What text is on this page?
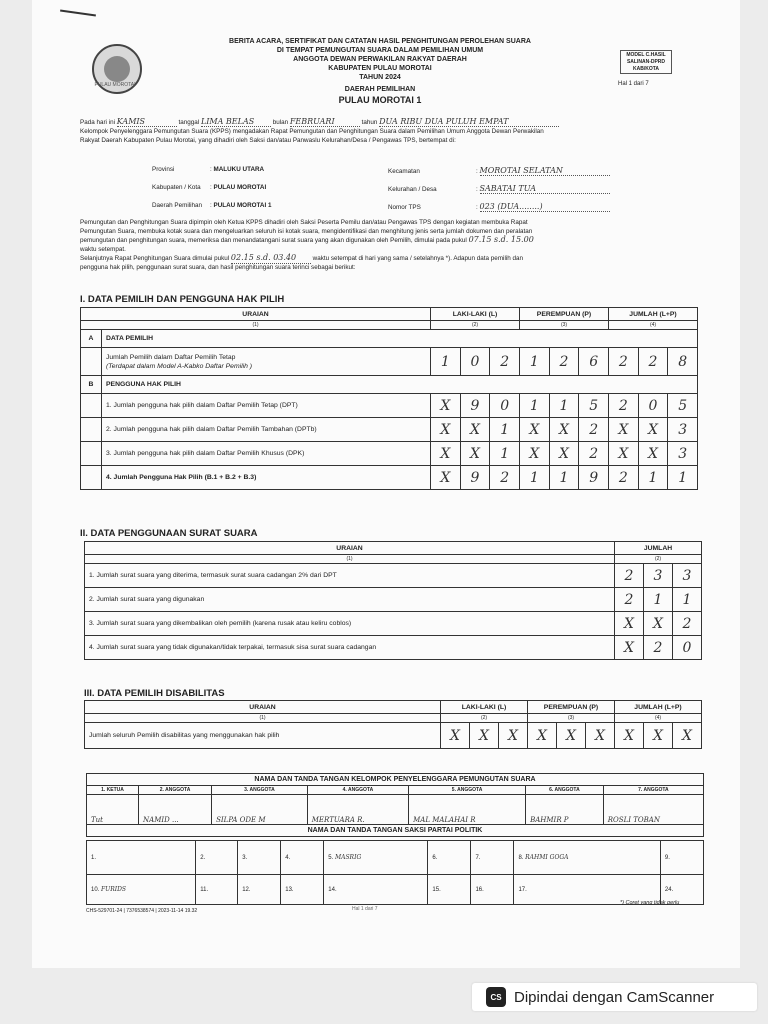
PULAU MOROTAI
BERITA ACARA, SERTIFIKAT DAN CATATAN HASIL PENGHITUNGAN PEROLEHAN SUARA
DI TEMPAT PEMUNGUTAN SUARA DALAM PEMILIHAN UMUM
ANGGOTA DEWAN PERWAKILAN RAKYAT DAERAH
KABUPATEN PULAU MOROTAI
TAHUN 2024
DAERAH PEMILIHAN
PULAU MOROTAI 1
MODEL C.HASIL
SALINAN-DPRD
KAB/KOTA
Hal 1 dari 7
Pada hari ini KAMIS	tanggal LIMA BELAS	bulan FEBRUARI	tahun DUA RIBU DUA PULUH EMPAT
Kelompok Penyelenggara Pemungutan Suara (KPPS) mengadakan Rapat Pemungutan dan Penghitungan Suara dalam Pemilihan Umum Anggota Dewan Perwakilan
Rakyat Daerah Kabupaten Pulau Morotai, yang dihadiri oleh Saksi dan/atau Panwaslu Kelurahan/Desa / Pengawas TPS, bertempat di:
Provinsi	: MALUKU UTARA
Kabupaten / Kota : PULAU MOROTAI
Daerah Pemilihan : PULAU MOROTAI 1
Kecamatan	: MOROTAI SELATAN
Kelurahan / Desa	: SABATAI TUA
Nomor TPS	: 023 (DUA........)
Pemungutan dan Penghitungan Suara dipimpin oleh Ketua KPPS dihadiri oleh Saksi Peserta Pemilu dan/atau Pengawas TPS dengan kegiatan membuka Rapat
Pemungutan Suara, membuka kotak suara dan mengeluarkan seluruh isi kotak suara, mengidentifikasi dan menghitung jenis serta jumlah dokumen dan peralatan
pemungutan dan penghitungan suara, memeriksa dan menandatangani surat suara yang akan digunakan oleh Pemilih, dimulai pada pukul 07.15 s.d. 15.00
waktu setempat.
Selanjutnya Rapat Penghitungan Suara dimulai pukul 02.15 s.d. 03.40	waktu setempat di hari yang sama / setelahnya *). Adapun data pemilih dan
pengguna hak pilih, penggunaan surat suara, dan hasil penghitungan suara terinci sebagai berikut:
I. DATA PEMILIH DAN PENGGUNA HAK PILIH
URAIAN		LAKI-LAKI (L)			PEREMPUAN (P)			JUMLAH (L+P)		
(1)		(2)			(3)			(4)		
A	DATA PEMILIH									

	Jumlah Pemilih dalam Daftar Pemilih Tetap
(Terdapat dalam Model A-Kabko Daftar Pemilih )	1	0	2	1	2	6	2	2	8
B	PENGGUNA HAK PILIH									
	1. Jumlah pengguna hak pilih dalam Daftar Pemilih Tetap (DPT)	X	9	0	1	1	5	2	0	5
	2. Jumlah pengguna hak pilih dalam Daftar Pemilih Tambahan (DPTb)	X	X	1	X	X	2	X	X	3
	3. Jumlah pengguna hak pilih dalam Daftar Pemilih Khusus (DPK)	X	X	1	X	X	2	X	X	3
	4. Jumlah Pengguna Hak Pilih (B.1 + B.2 + B.3)	X	9	2	1	1	9	2	1	1
II. DATA PENGGUNAAN SURAT SUARA
URAIAN	JUMLAH		
(1)	(2)		
1. Jumlah surat suara yang diterima, termasuk surat suara cadangan 2% dari DPT	2	3	3
2. Jumlah surat suara yang digunakan	2	1	1
3. Jumlah surat suara yang dikembalikan oleh pemilih (karena rusak atau keliru coblos)	X	X	2
4. Jumlah surat suara yang tidak digunakan/tidak terpakai, termasuk sisa surat suara cadangan	X	2	0
III. DATA PEMILIH DISABILITAS
URAIAN	LAKI-LAKI (L)			PEREMPUAN (P)			JUMLAH (L+P)		
(1)	(2)			(3)			(4)		
Jumlah seluruh Pemilih disabilitas yang menggunakan hak pilih	X	X	X	X	X	X	X	X	X
NAMA DAN TANDA TANGAN KELOMPOK PENYELENGGARA PEMUNGUTAN SUARA						
1. KETUA	2. ANGGOTA	3. ANGGOTA	4. ANGGOTA	5. ANGGOTA	6. ANGGOTA	7. ANGGOTA
Tut	NAMID ...	SILPA ODE M	MERTUARA R.	MAL MALAHAI R	BAHMIR P	ROSLI TOBAN
NAMA DAN TANDA TANGAN SAKSI PARTAI POLITIK						
1.	2.	3.	4.	5. MASRIG	6.	7.	8. RAHMI GOGA	9.
10. FURIDS	11.	12.	13.	14.	15.	16.	17.	24.
CHS-529701-24 | 7376538574 | 2023-11-14 19.32	Hal 1 dari 7
*) Coret yang tidak perlu
CS Dipindai dengan CamScanner
